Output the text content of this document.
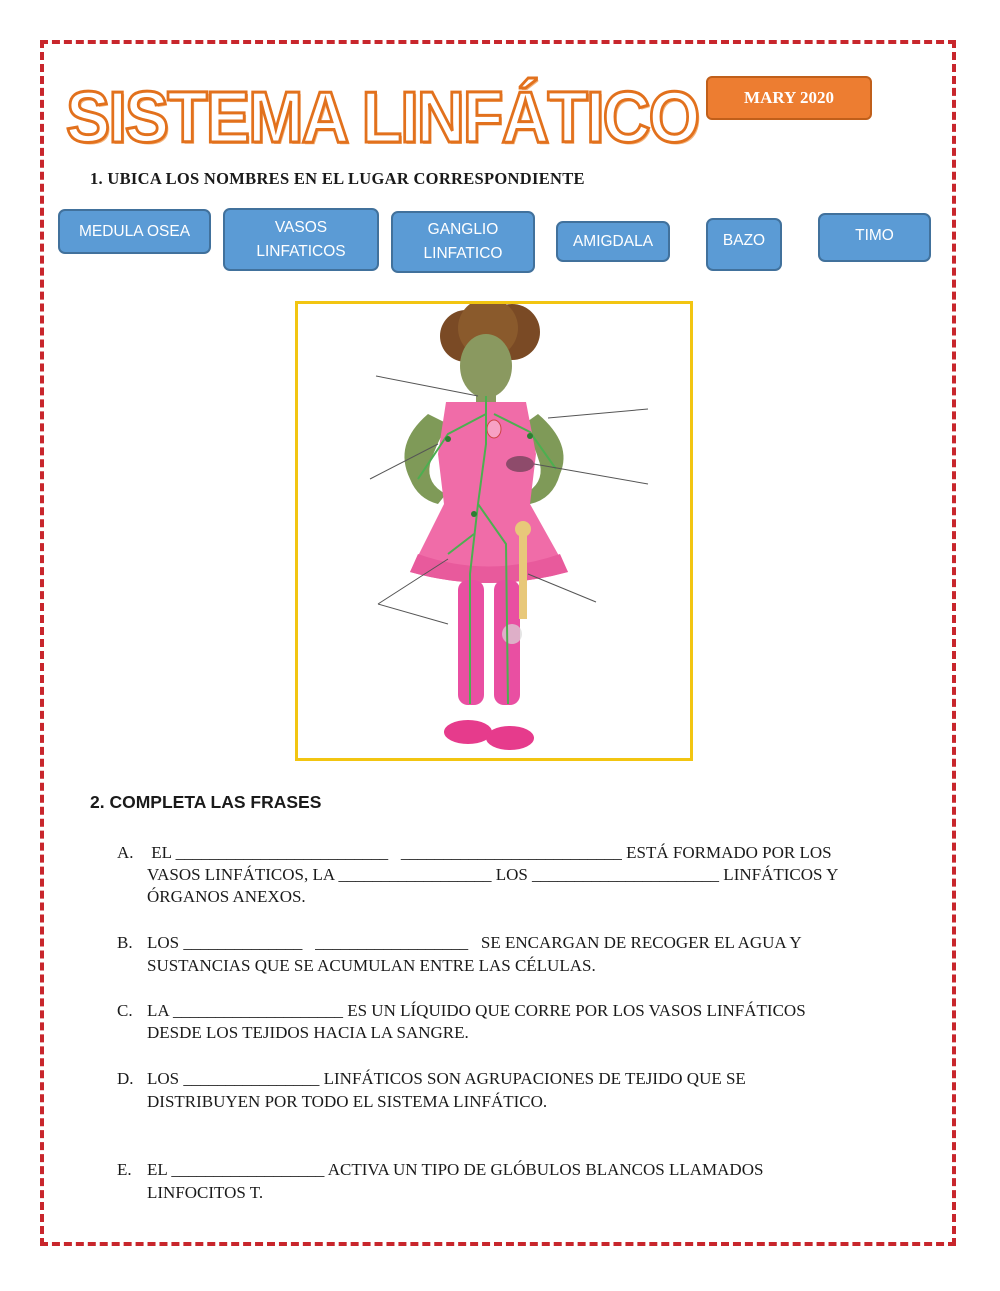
SISTEMA LINFÁTICO	MARY 2020
1. UBICA LOS NOMBRES EN EL LUGAR CORRESPONDIENTE
MEDULA OSEA	VASOS
LINFATICOS
GANGLIO
LINFATICO
AMIGDALA	BAZO	TIMO
2. COMPLETA LAS FRASES
A. EL _________________________   __________________________ ESTÁ FORMADO POR LOS
VASOS LINFÁTICOS, LA __________________ LOS ______________________ LINFÁTICOS Y
ÓRGANOS ANEXOS.
B. LOS ______________   __________________   SE ENCARGAN DE RECOGER EL AGUA Y
SUSTANCIAS QUE SE ACUMULAN ENTRE LAS CÉLULAS.
C. LA ____________________ ES UN LÍQUIDO QUE CORRE POR LOS VASOS LINFÁTICOS
DESDE LOS TEJIDOS HACIA LA SANGRE.
D. LOS ________________ LINFÁTICOS SON AGRUPACIONES DE TEJIDO QUE SE
DISTRIBUYEN POR TODO EL SISTEMA LINFÁTICO.
E. EL __________________ ACTIVA UN TIPO DE GLÓBULOS BLANCOS LLAMADOS
LINFOCITOS T.
